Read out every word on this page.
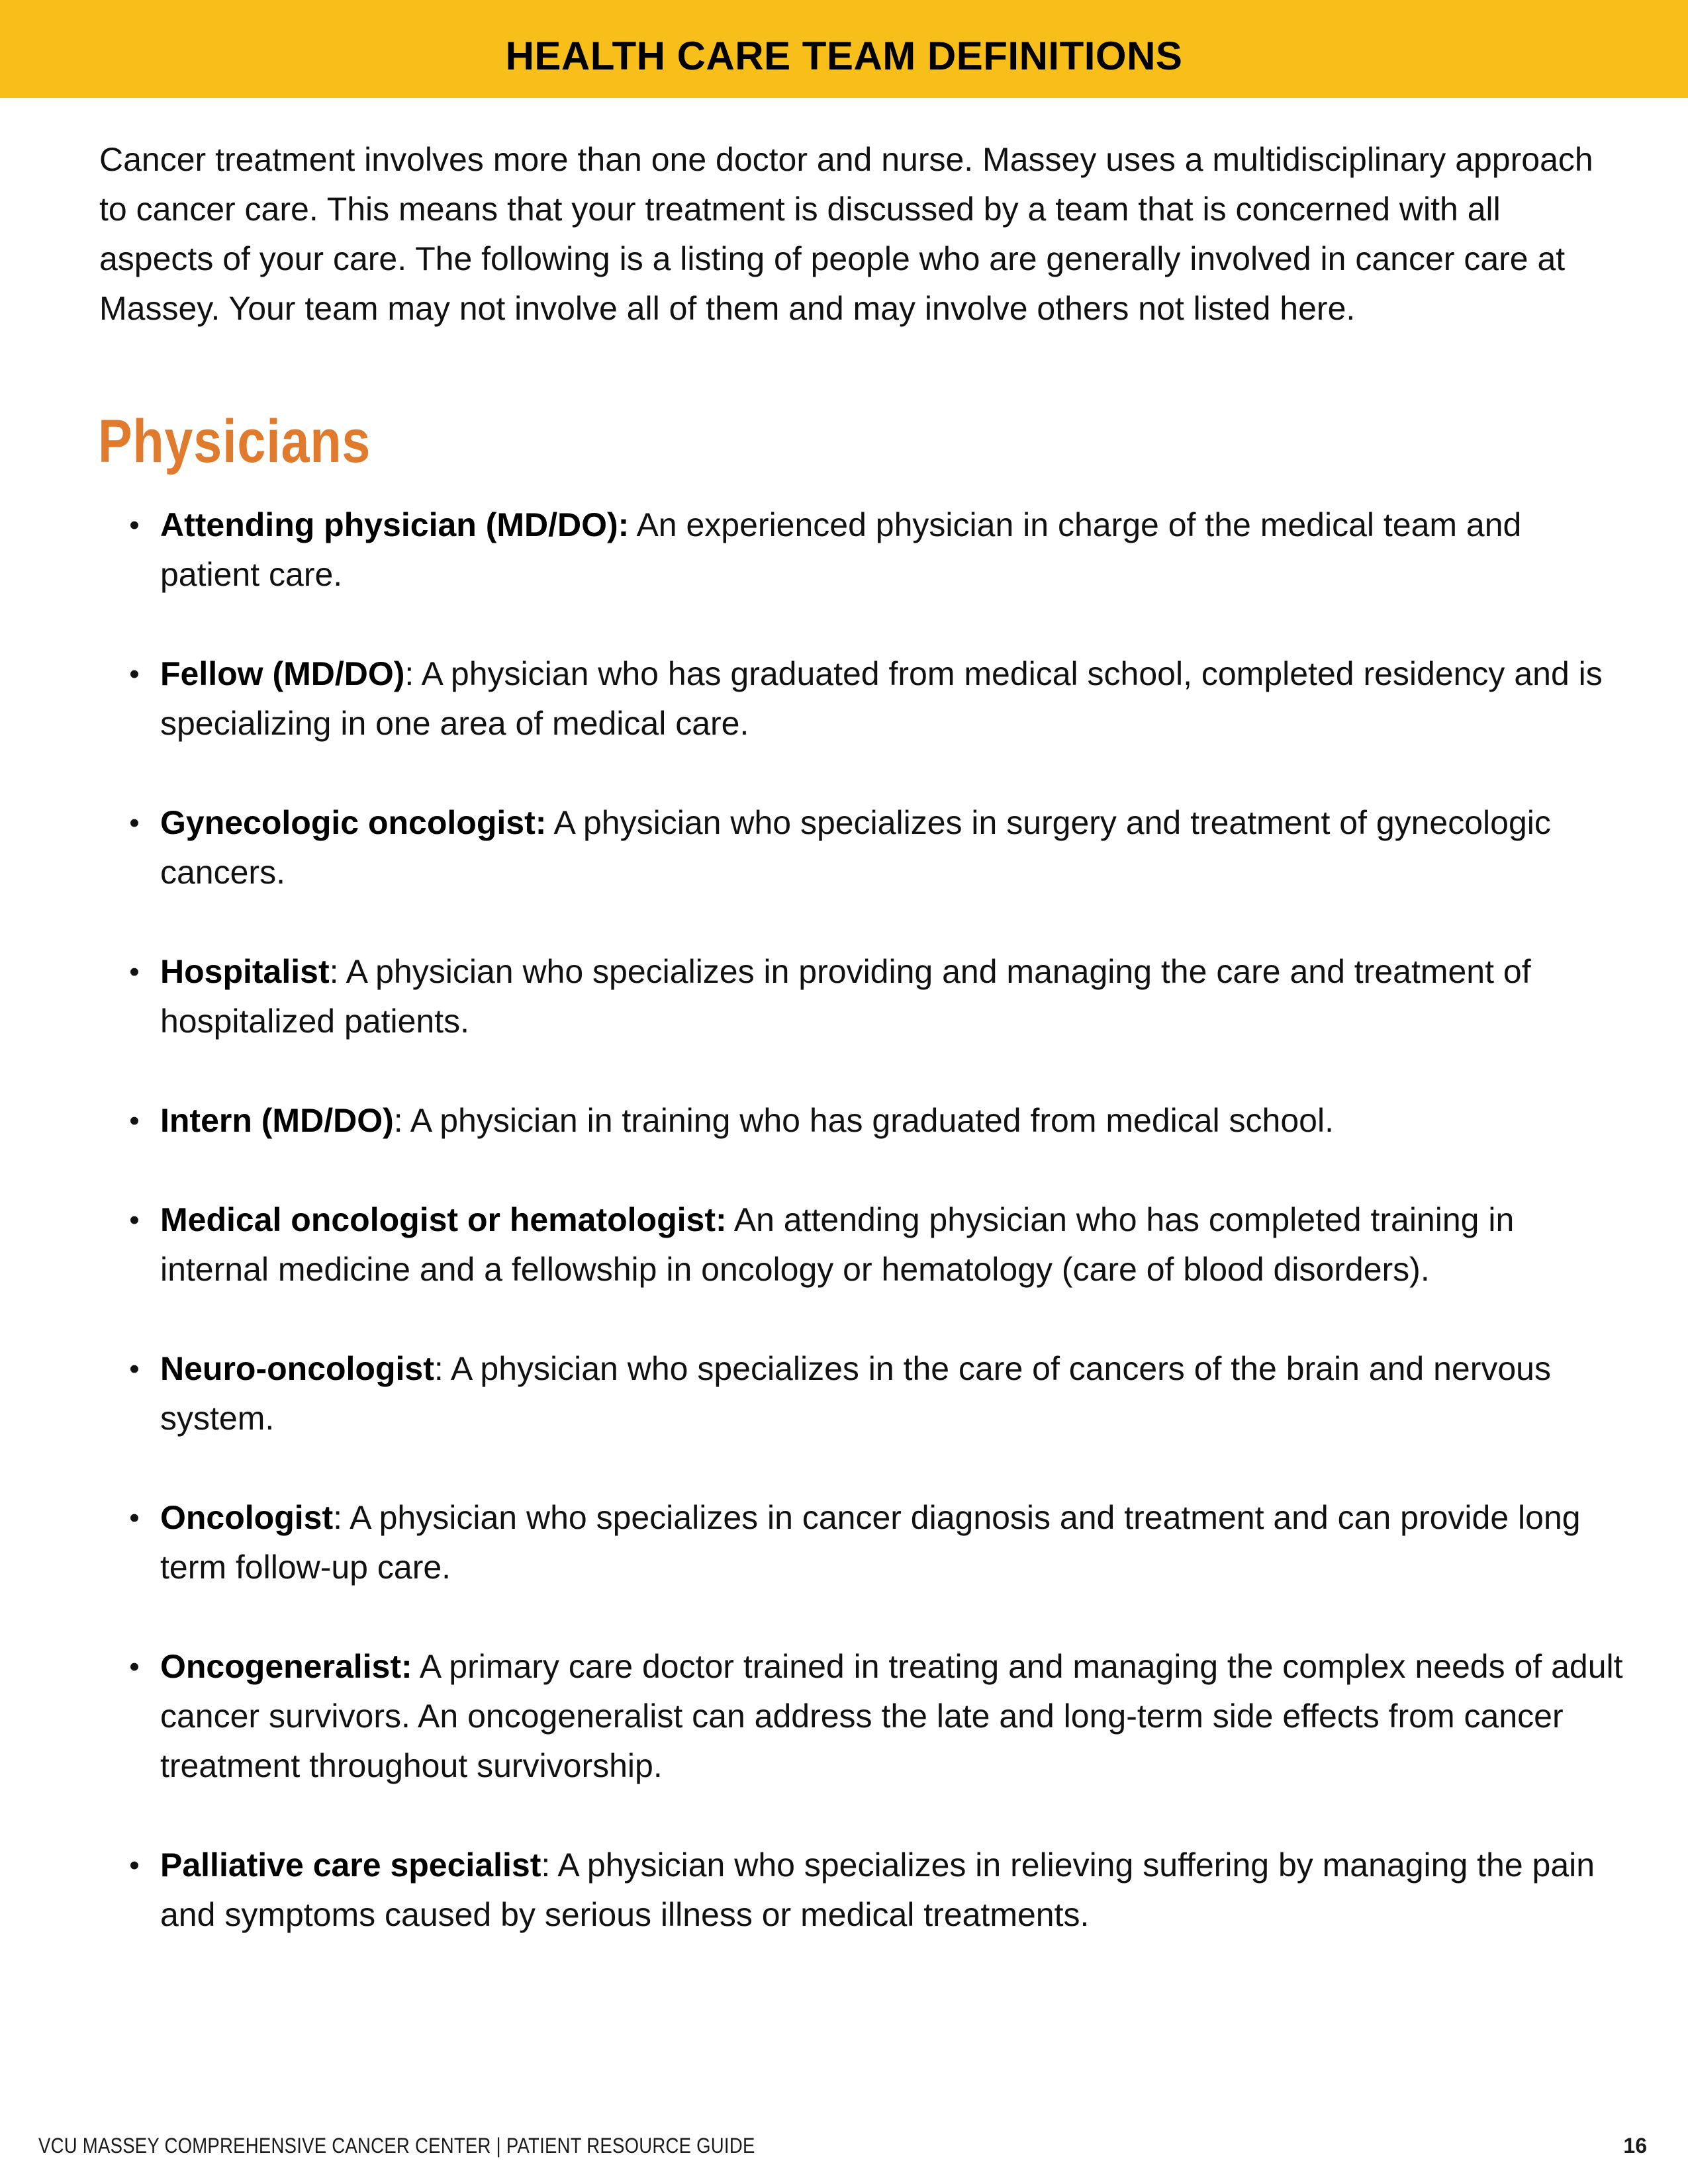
HEALTH CARE TEAM DEFINITIONS

Cancer treatment involves more than one doctor and nurse. Massey uses a multidisciplinary approach to cancer care. This means that your treatment is discussed by a team that is concerned with all aspects of your care. The following is a listing of people who are generally involved in cancer care at Massey. Your team may not involve all of them and may involve others not listed here.

Physicians
• Attending physician (MD/DO): An experienced physician in charge of the medical team and patient care.
• Fellow (MD/DO): A physician who has graduated from medical school, completed residency and is specializing in one area of medical care.
• Gynecologic oncologist: A physician who specializes in surgery and treatment of gynecologic cancers.
• Hospitalist: A physician who specializes in providing and managing the care and treatment of hospitalized patients.
• Intern (MD/DO): A physician in training who has graduated from medical school.
• Medical oncologist or hematologist: An attending physician who has completed training in internal medicine and a fellowship in oncology or hematology (care of blood disorders).
• Neuro-oncologist: A physician who specializes in the care of cancers of the brain and nervous system.
• Oncologist: A physician who specializes in cancer diagnosis and treatment and can provide long term follow-up care.
• Oncogeneralist: A primary care doctor trained in treating and managing the complex needs of adult cancer survivors. An oncogeneralist can address the late and long-term side effects from cancer treatment throughout survivorship.
• Palliative care specialist: A physician who specializes in relieving suffering by managing the pain and symptoms caused by serious illness or medical treatments.
VCU MASSEY COMPREHENSIVE CANCER CENTER | PATIENT RESOURCE GUIDE	16
